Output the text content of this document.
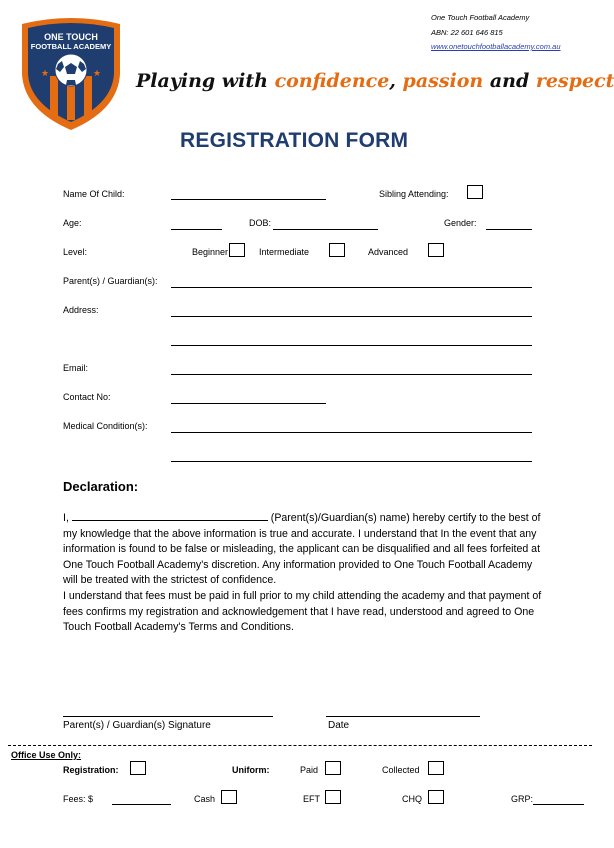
★	★
ONE TOUCH
FOOTBALL ACADEMY
One Touch Football Academy
ABN: 22 601 646 815
www.onetouchfootballacademy.com.au
Playing with confidence, passion and respect
REGISTRATION FORM
Name Of Child:	Sibling Attending:
Age:	DOB:	Gender:
Level:	Beginner	Intermediate	Advanced
Parent(s) / Guardian(s):
Address:
Email:
Contact No:
Medical Condition(s):
Declaration:
I,	(Parent(s)/Guardian(s) name) hereby certify to the best of my knowledge that the above information is true and accurate. I understand that In the event that any information is found to be false or misleading, the applicant can be disqualified and all fees forfeited at One Touch Football Academy's discretion. Any information provided to One Touch Football Academy will be treated with the strictest of confidence.
I understand that fees must be paid in full prior to my child attending the academy and that payment of fees confirms my registration and acknowledgement that I have read, understood and agreed to One Touch Football Academy's Terms and Conditions.
Parent(s) / Guardian(s) Signature	Date
Office Use Only:
Registration:	Uniform:	Paid	Collected
Fees: $	Cash	EFT	CHQ	GRP:
